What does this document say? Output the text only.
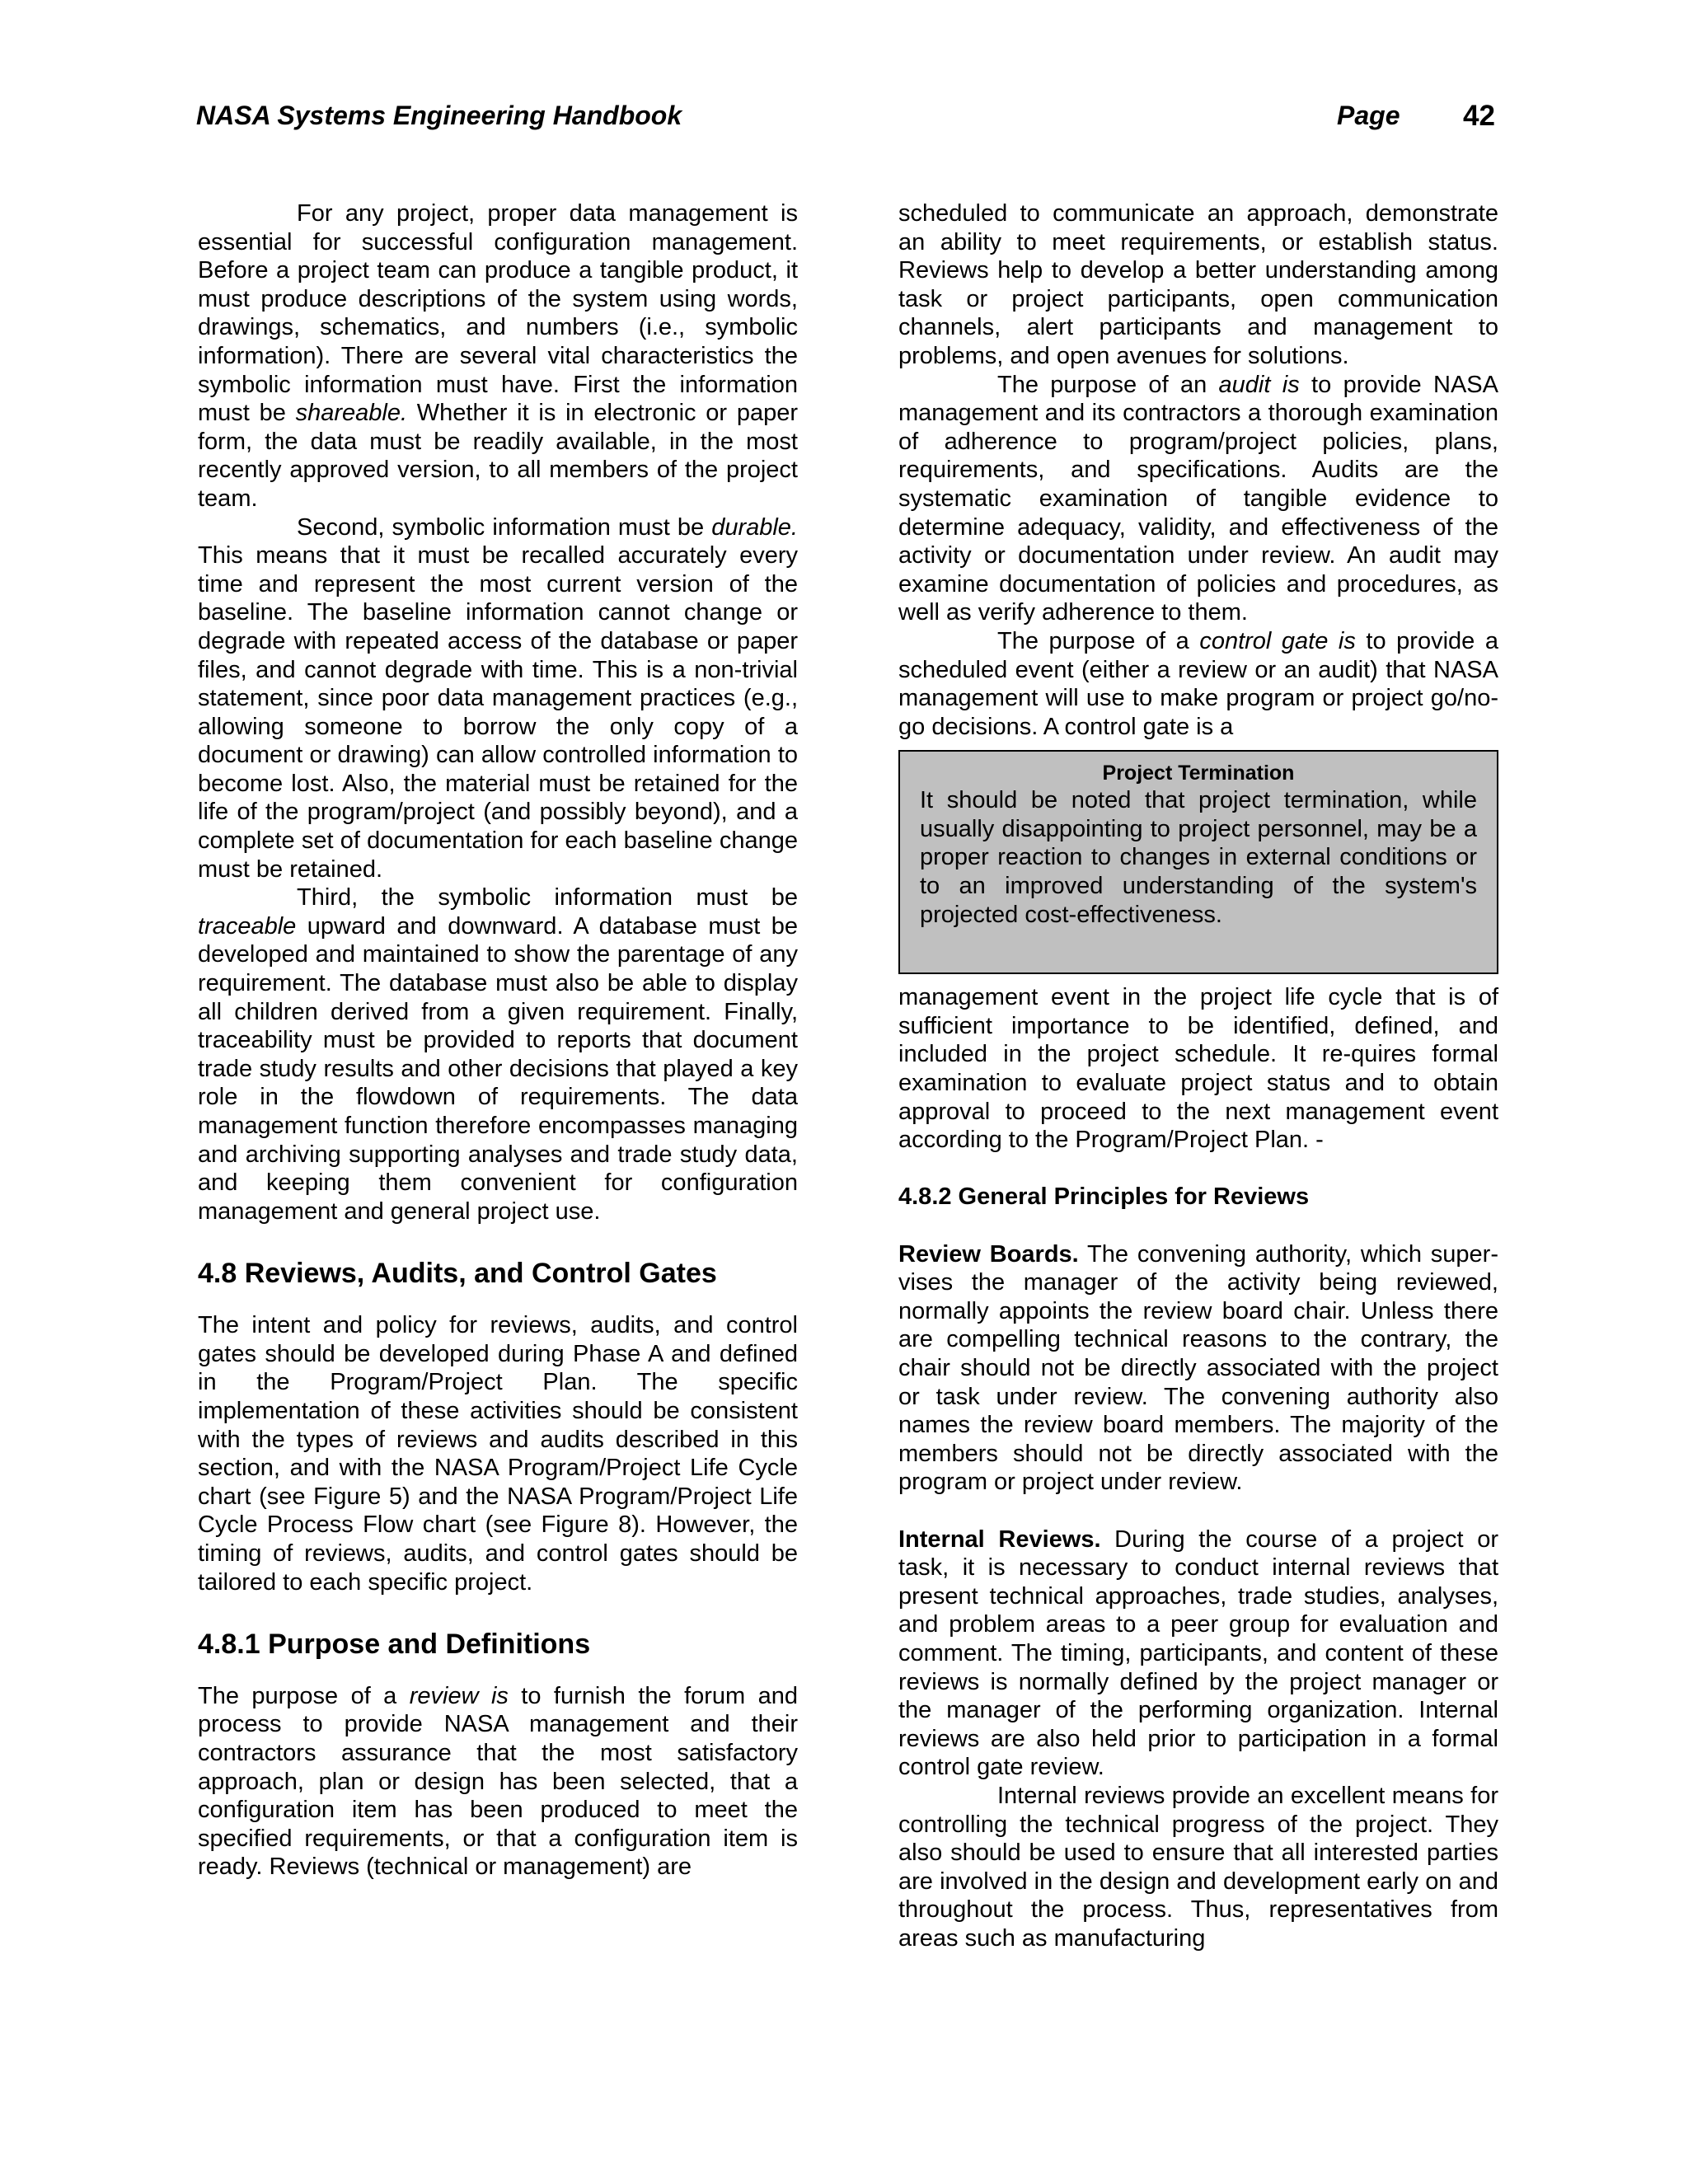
NASA Systems Engineering Handbook	Page 42

For any project, proper data management is essential for successful configuration management. Before a project team can produce a tangible product, it must produce descriptions of the system using words, drawings, schematics, and numbers (i.e., symbolic information). There are several vital characteristics the symbolic information must have. First the information must be shareable. Whether it is in electronic or paper form, the data must be readily available, in the most recently approved version, to all members of the project team.

Second, symbolic information must be durable. This means that it must be recalled accurately every time and represent the most current version of the baseline. The baseline information cannot change or degrade with repeated access of the database or paper files, and cannot degrade with time. This is a non-trivial statement, since poor data management practices (e.g., allowing someone to borrow the only copy of a document or drawing) can allow controlled information to become lost. Also, the material must be retained for the life of the program/project (and possibly beyond), and a complete set of documentation for each baseline change must be retained.

Third, the symbolic information must be traceable upward and downward. A database must be developed and maintained to show the parentage of any requirement. The database must also be able to display all children derived from a given requirement. Finally, traceability must be provided to reports that document trade study results and other decisions that played a key role in the flowdown of requirements. The data management function therefore encompasses managing and archiving supporting analyses and trade study data, and keeping them convenient for configuration management and general project use.

4.8 Reviews, Audits, and Control Gates

The intent and policy for reviews, audits, and control gates should be developed during Phase A and defined in the Program/Project Plan. The specific implementation of these activities should be consistent with the types of reviews and audits described in this section, and with the NASA Program/Project Life Cycle chart (see Figure 5) and the NASA Program/Project Life Cycle Process Flow chart (see Figure 8). However, the timing of reviews, audits, and control gates should be tailored to each specific project.

4.8.1 Purpose and Definitions

The purpose of a review is to furnish the forum and process to provide NASA management and their contractors assurance that the most satisfactory approach, plan or design has been selected, that a configuration item has been produced to meet the specified requirements, or that a configuration item is ready. Reviews (technical or management) are

scheduled to communicate an approach, demonstrate an ability to meet requirements, or establish status. Reviews help to develop a better understanding among task or project participants, open communication channels, alert participants and management to problems, and open avenues for solutions.

The purpose of an audit is to provide NASA management and its contractors a thorough examination of adherence to program/project policies, plans, requirements, and specifications. Audits are the systematic examination of tangible evidence to determine adequacy, validity, and effectiveness of the activity or documentation under review. An audit may examine documentation of policies and procedures, as well as verify adherence to them.

The purpose of a control gate is to provide a scheduled event (either a review or an audit) that NASA management will use to make program or project go/no-go decisions. A control gate is a

Project Termination
It should be noted that project termination, while usually disappointing to project personnel, may be a proper reaction to changes in external conditions or to an improved understanding of the system's projected cost-effectiveness.

management event in the project life cycle that is of sufficient importance to be identified, defined, and included in the project schedule. It re-quires formal examination to evaluate project status and to obtain approval to proceed to the next management event according to the Program/Project Plan. -

4.8.2 General Principles for Reviews

Review Boards. The convening authority, which super-vises the manager of the activity being reviewed, normally appoints the review board chair. Unless there are compelling technical reasons to the contrary, the chair should not be directly associated with the project or task under review. The convening authority also names the review board members. The majority of the members should not be directly associated with the program or project under review.

Internal Reviews. During the course of a project or task, it is necessary to conduct internal reviews that present technical approaches, trade studies, analyses, and problem areas to a peer group for evaluation and comment. The timing, participants, and content of these reviews is normally defined by the project manager or the manager of the performing organization. Internal reviews are also held prior to participation in a formal control gate review.

Internal reviews provide an excellent means for controlling the technical progress of the project. They also should be used to ensure that all interested parties are involved in the design and development early on and throughout the process. Thus, representatives from areas such as manufacturing
